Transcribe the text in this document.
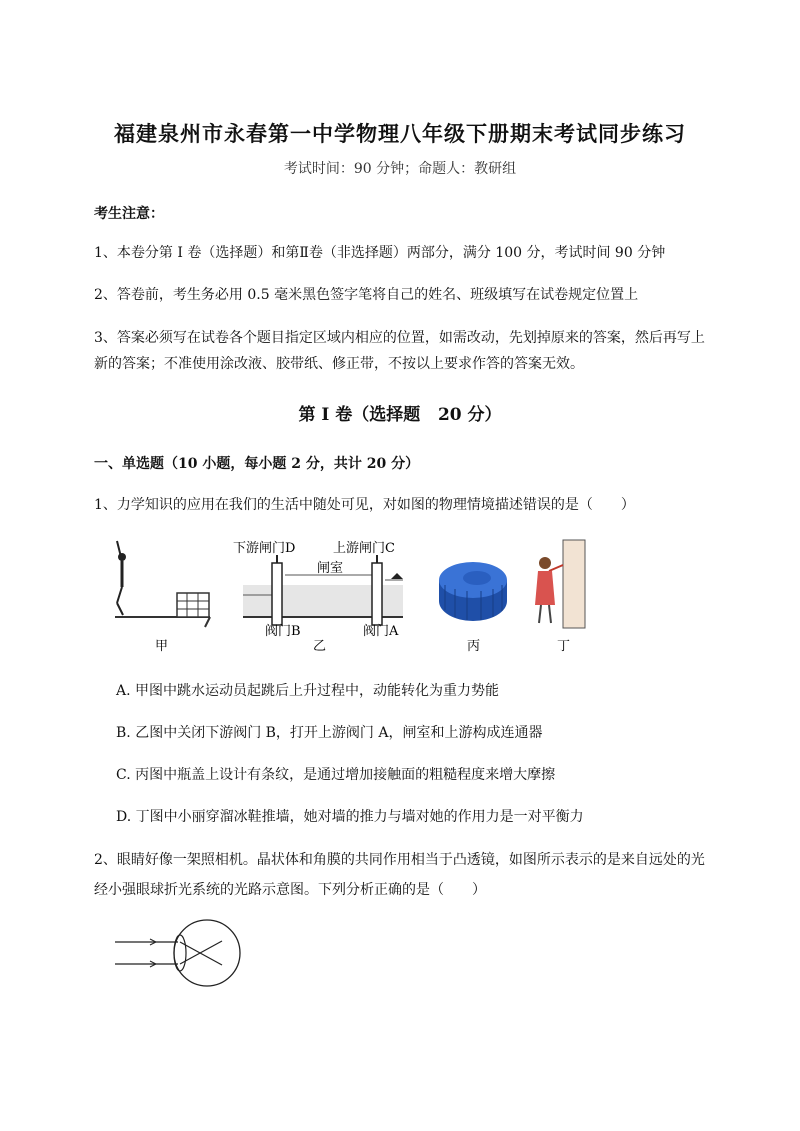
福建泉州市永春第一中学物理八年级下册期末考试同步练习
考试时间：90 分钟；命题人：教研组
考生注意：
1、本卷分第 I 卷（选择题）和第Ⅱ卷（非选择题）两部分，满分 100 分，考试时间 90 分钟
2、答卷前，考生务必用 0.5 毫米黑色签字笔将自己的姓名、班级填写在试卷规定位置上
3、答案必须写在试卷各个题目指定区域内相应的位置，如需改动，先划掉原来的答案，然后再写上新的答案；不准使用涂改液、胶带纸、修正带，不按以上要求作答的答案无效。
第 I 卷（选择题   20 分）
一、单选题（10 小题，每小题 2 分，共计 20 分）
1、力学知识的应用在我们的生活中随处可见，对如图的物理情境描述错误的是（　　）
甲
下游闸门D	上游闸门C
闸室
阀门B	阀门A
乙	丙	丁
A. 甲图中跳水运动员起跳后上升过程中，动能转化为重力势能
B. 乙图中关闭下游阀门 B，打开上游阀门 A，闸室和上游构成连通器
C. 丙图中瓶盖上设计有条纹，是通过增加接触面的粗糙程度来增大摩擦
D. 丁图中小丽穿溜冰鞋推墙，她对墙的推力与墙对她的作用力是一对平衡力
2、眼睛好像一架照相机。晶状体和角膜的共同作用相当于凸透镜，如图所示表示的是来自远处的光经小强眼球折光系统的光路示意图。下列分析正确的是（　　）
